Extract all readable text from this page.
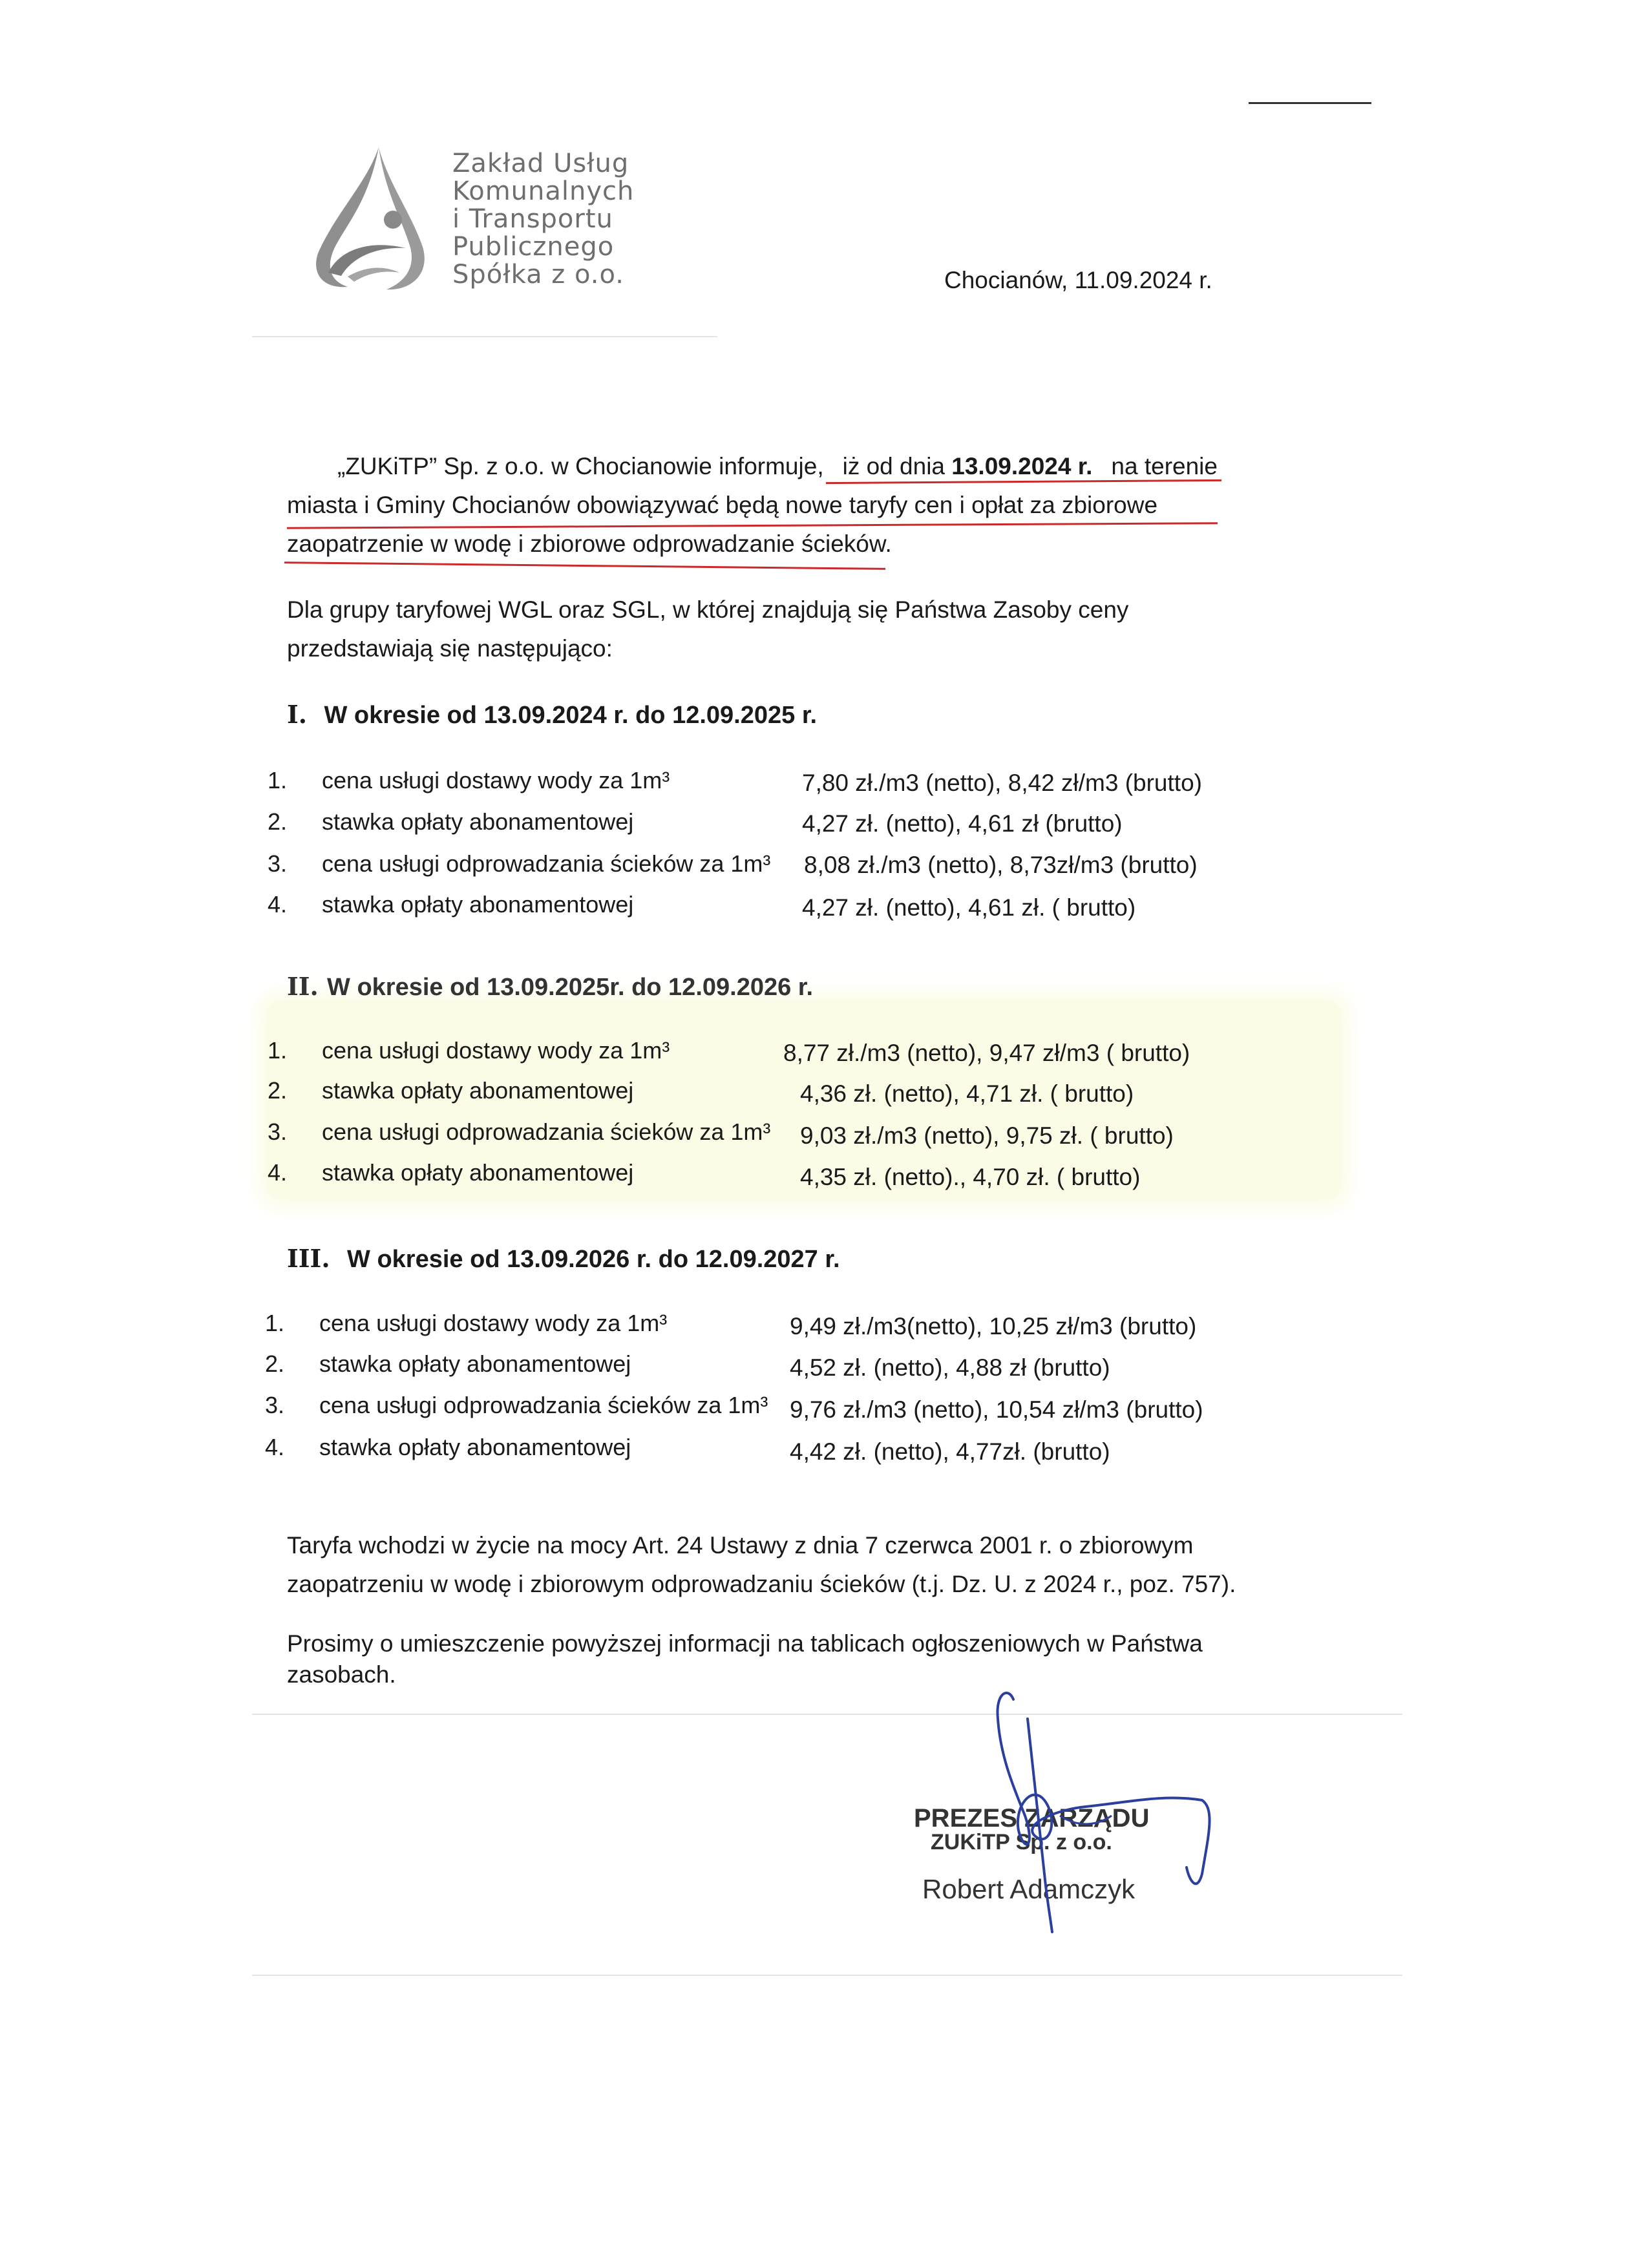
Zakład Usług
Komunalnych
i Transportu
Publicznego
Spółka z o.o.	Chocianów, 11.09.2024 r.
„ZUKiTP” Sp. z o.o. w Chocianowie informuje, iż od dnia 13.09.2024 r. na terenie
miasta i Gminy Chocianów obowiązywać będą nowe taryfy cen i opłat za zbiorowe
zaopatrzenie w wodę i zbiorowe odprowadzanie ścieków.
Dla grupy taryfowej WGL oraz SGL, w której znajdują się Państwa Zasoby ceny
przedstawiają się następująco:
I. W okresie od 13.09.2024 r. do 12.09.2025 r.
1. cena usługi dostawy wody za 1m³	7,80 zł./m3 (netto), 8,42 zł/m3 (brutto)
2. stawka opłaty abonamentowej	4,27 zł. (netto), 4,61 zł (brutto)
3. cena usługi odprowadzania ścieków za 1m³ 8,08 zł./m3 (netto), 8,73zł/m3 (brutto)
4. stawka opłaty abonamentowej	4,27 zł. (netto), 4,61 zł. ( brutto)
II. W okresie od 13.09.2025r. do 12.09.2026 r.
1. cena usługi dostawy wody za 1m³	8,77 zł./m3 (netto), 9,47 zł/m3 ( brutto)
2. stawka opłaty abonamentowej	4,36 zł. (netto), 4,71 zł. ( brutto)
3. cena usługi odprowadzania ścieków za 1m³ 9,03 zł./m3 (netto), 9,75 zł. ( brutto)
4. stawka opłaty abonamentowej	4,35 zł. (netto)., 4,70 zł. ( brutto)
III. W okresie od 13.09.2026 r. do 12.09.2027 r.
1. cena usługi dostawy wody za 1m³	9,49 zł./m3(netto), 10,25 zł/m3 (brutto)
2. stawka opłaty abonamentowej	4,52 zł. (netto), 4,88 zł (brutto)
3. cena usługi odprowadzania ścieków za 1m³ 9,76 zł./m3 (netto), 10,54 zł/m3 (brutto)
4. stawka opłaty abonamentowej	4,42 zł. (netto), 4,77zł. (brutto)
Taryfa wchodzi w życie na mocy Art. 24 Ustawy z dnia 7 czerwca 2001 r. o zbiorowym
zaopatrzeniu w wodę i zbiorowym odprowadzaniu ścieków (t.j. Dz. U. z 2024 r., poz. 757).
Prosimy o umieszczenie powyższej informacji na tablicach ogłoszeniowych w Państwa
zasobach.
PREZES ZARZĄDU
ZUKiTP Sp. z o.o.
Robert Adamczyk
